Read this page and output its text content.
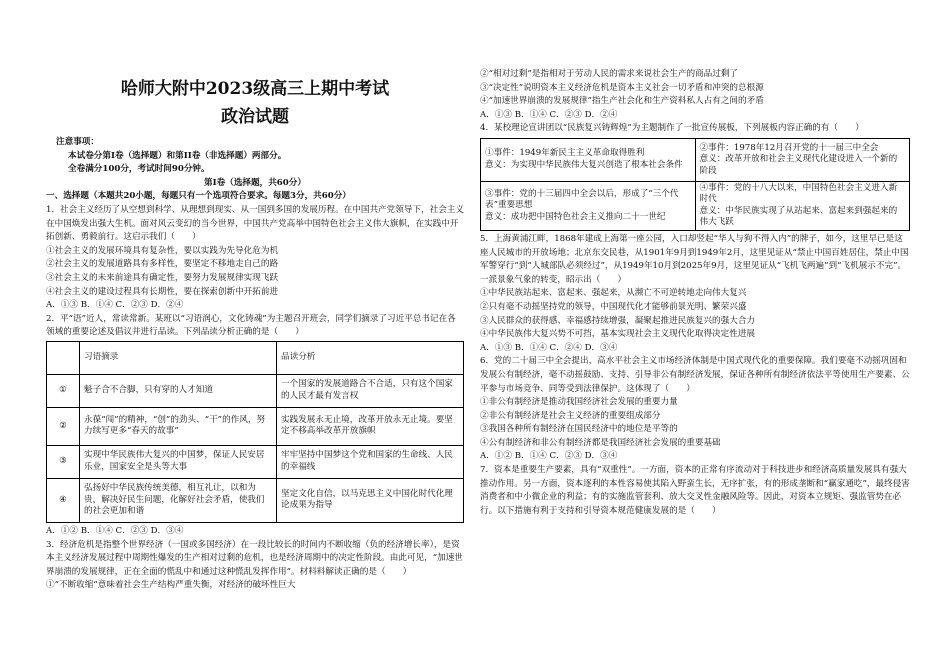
哈师大附中2023级高三上期中考试
政治试题

注意事项：

本试卷分第I卷（选择题）和第II卷（非选择题）两部分。

全卷满分100分，考试时间90分钟。

第I卷（选择题，共60分）

一、选择题（本题共20小题，每题只有一个选项符合要求。每题3分，共60分）

1．社会主义经历了从空想到科学、从理想到现实、从一国到多国的发展历程。在中国共产党领导下，社会主义在中国焕发出强大生机。面对风云变幻的当今世界，中国共产党高举中国特色社会主义伟大旗帜，在实践中开拓创新、勇毅前行。这启示我们（　　）

①社会主义的发展环境具有复杂性，要以实践为先导化危为机

②社会主义的发展道路具有多样性，要坚定不移地走自己的路

③社会主义的未来前途具有确定性，要努力发展规律实现飞跃

④社会主义的建设过程具有长期性，要在探索创新中开拓前进

A．①③ B．①④ C．②③ D．②④

2．平“语”近人，常读常新。某班以“习语润心，文化铸魂”为主题召开班会，同学们摘录了习近平总书记在各领域的重要论述及倡议并进行品读。下列品读分析正确的是（　　）

	习语摘录	品读分析
①	魁子合不合脚，只有穿的人才知道	一个国家的发展道路合不合适，只有这个国家的人民才最有发言权
②	永葆“闯”的精神，“创”的劲头、“干”的作风，努力续写更多“春天的故事”	实践发展永无止境，改革开放永无止境。要坚定不移高举改革开放旗帜
③	实现中华民族伟大复兴的中国梦，保证人民安居乐业，国家安全是头等大事	牢牢坚持中国梦这个党和国家的生命线、人民的幸福线
④	弘扬好中华民族传统美德，相互礼让，以和为贵，解决好民生问题，化解好社会矛盾，使我们的社会更加和谐	坚定文化自信，以马克思主义中国化时代化理论成果为指导

A．①② B．①④ C．②③ D．③④

3．经济危机是指整个世界经济（一国或多国经济）在一段比较长的时间内不断收缩（负的经济增长率），是资本主义经济发展过程中周期性爆发的生产相对过剩的危机，也是经济周期中的决定性阶段。由此可见，“加速世界崩溃的发展规律，正在全面的慌乱中和通过这种慌乱发挥作用”。材料料解读正确的是（　　）

①“不断收缩”意味着社会生产结构严重失衡，对经济的破坏性巨大

②“相对过剩”是指相对于劳动人民的需求来说社会生产的商品过剩了

③“决定性”说明资本主义经济危机是资本主义社会一切矛盾和冲突的总根源

④“加速世界崩溃的发展规律”指生产社会化和生产资料私人占有之间的矛盾

A．①③ B．①④ C．②③ D．②④

4．某校理论宣讲团以“民族复兴铸辉煌”为主题制作了一批宣传展板，下列展板内容正确的有（　　）

①事件：1949年新民主主义革命取得胜利
意义：为实现中华民族伟大复兴创造了根本社会条件	②事件：1978年12月召开党的十一届三中全会
意义：改革开放和社会主义现代化建设进入一个新的阶段
③事件：党的十三届四中全会以后，形成了“三个代表”重要思想
意义：成功把中国特色社会主义推向二十一世纪	④事件：党的十八大以来，中国特色社会主义进入新时代
意义：中华民族实现了从站起来、富起来到强起来的伟大飞跃

5．上海黄浦江畔，1868年建成上海第一座公园，入口却竖起“华人与狗不得入内”的牌子，如今，这里早已是这座人民城市的开放场地；北京东交民巷，从1901年9月到1949年2月，这里见证从“禁止中国百姓居住，禁止中国军警穿行”到“人城部队必须经过”，从1949年10月到2025年9月，这里见证从“飞机飞两遍”到“飞机展示不完”。一派景象气象的转变，昭示出（　　）

①中华民族站起来、富起来、强起来，从濒亡不可逆转地走向伟大复兴

②只有毫不动摇坚持党的领导，中国现代化才能够前景光明、繁荣兴盛

③人民群众的获得感、幸福感持续增强，凝聚起推进民族复兴的强大合力

④中华民族伟大复兴势不可挡，基本实现社会主义现代化取得决定性进展

A．①③ B．①④ C．②④ D．③④

6．党的二十届三中全会提出，高水平社会主义市场经济体制是中国式现代化的重要保障。我们要毫不动摇巩固和发展公有制经济，毫不动摇鼓励、支持、引导非公有制经济发展，保证各种所有制经济依法平等使用生产要素、公平参与市场竞争、同等受到法律保护。这体现了（　　）

①非公有制经济是推动我国经济社会发展的重要力量

②非公有制经济是社会主义经济的重要组成部分

③我国各种所有制经济在国民经济中的地位是平等的

④公有制经济和非公有制经济都是我国经济社会发展的重要基础

A．①② B．①④ C．②③ D．③④

7．资本是重要生产要素，具有“双重性”。一方面，资本的正常有序流动对于科技进步和经济高质量发展具有强大推动作用。另一方面，资本逐利的本性容易使其陷入野蛮生长，无序扩张，有的形成垄断和“赢家通吃”，最终侵害消费者和中小微企业的利益；有的实施监管套利、放大交叉性金融风险等。因此，对资本立规矩、强监管势在必行。以下措施有利于支持和引导资本规范健康发展的是（　　）
